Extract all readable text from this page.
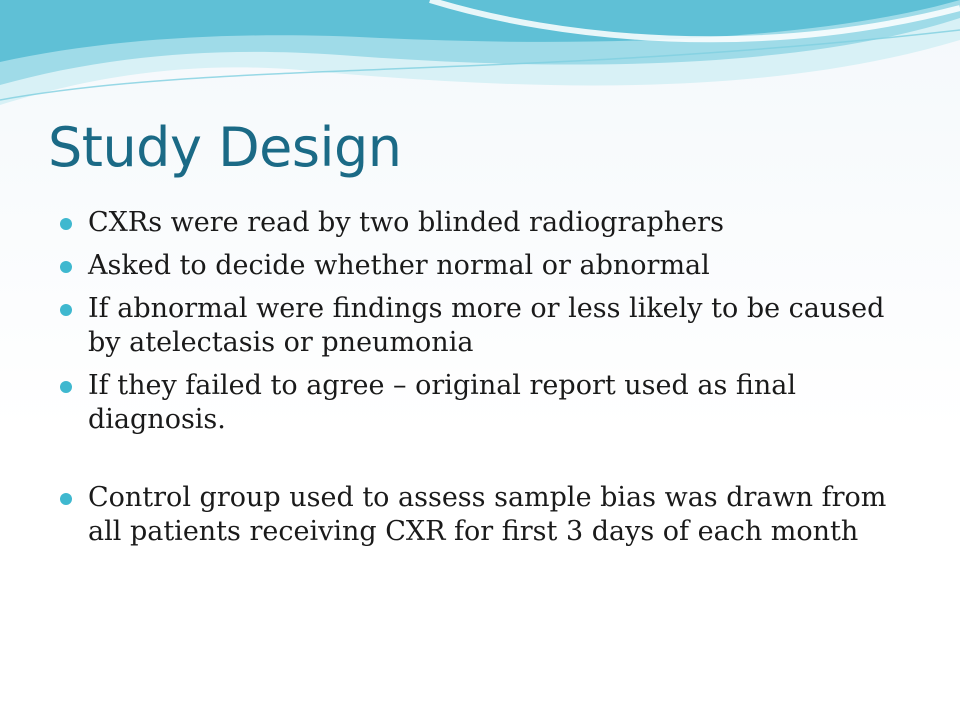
Study Design
CXRs were read by two blinded radiographers
Asked to decide whether normal or abnormal
If abnormal were findings more or less likely to be caused by atelectasis or pneumonia
If they failed to agree – original report used as final diagnosis.
Control group used to assess sample bias was drawn from all patients receiving CXR for first 3 days of each month
